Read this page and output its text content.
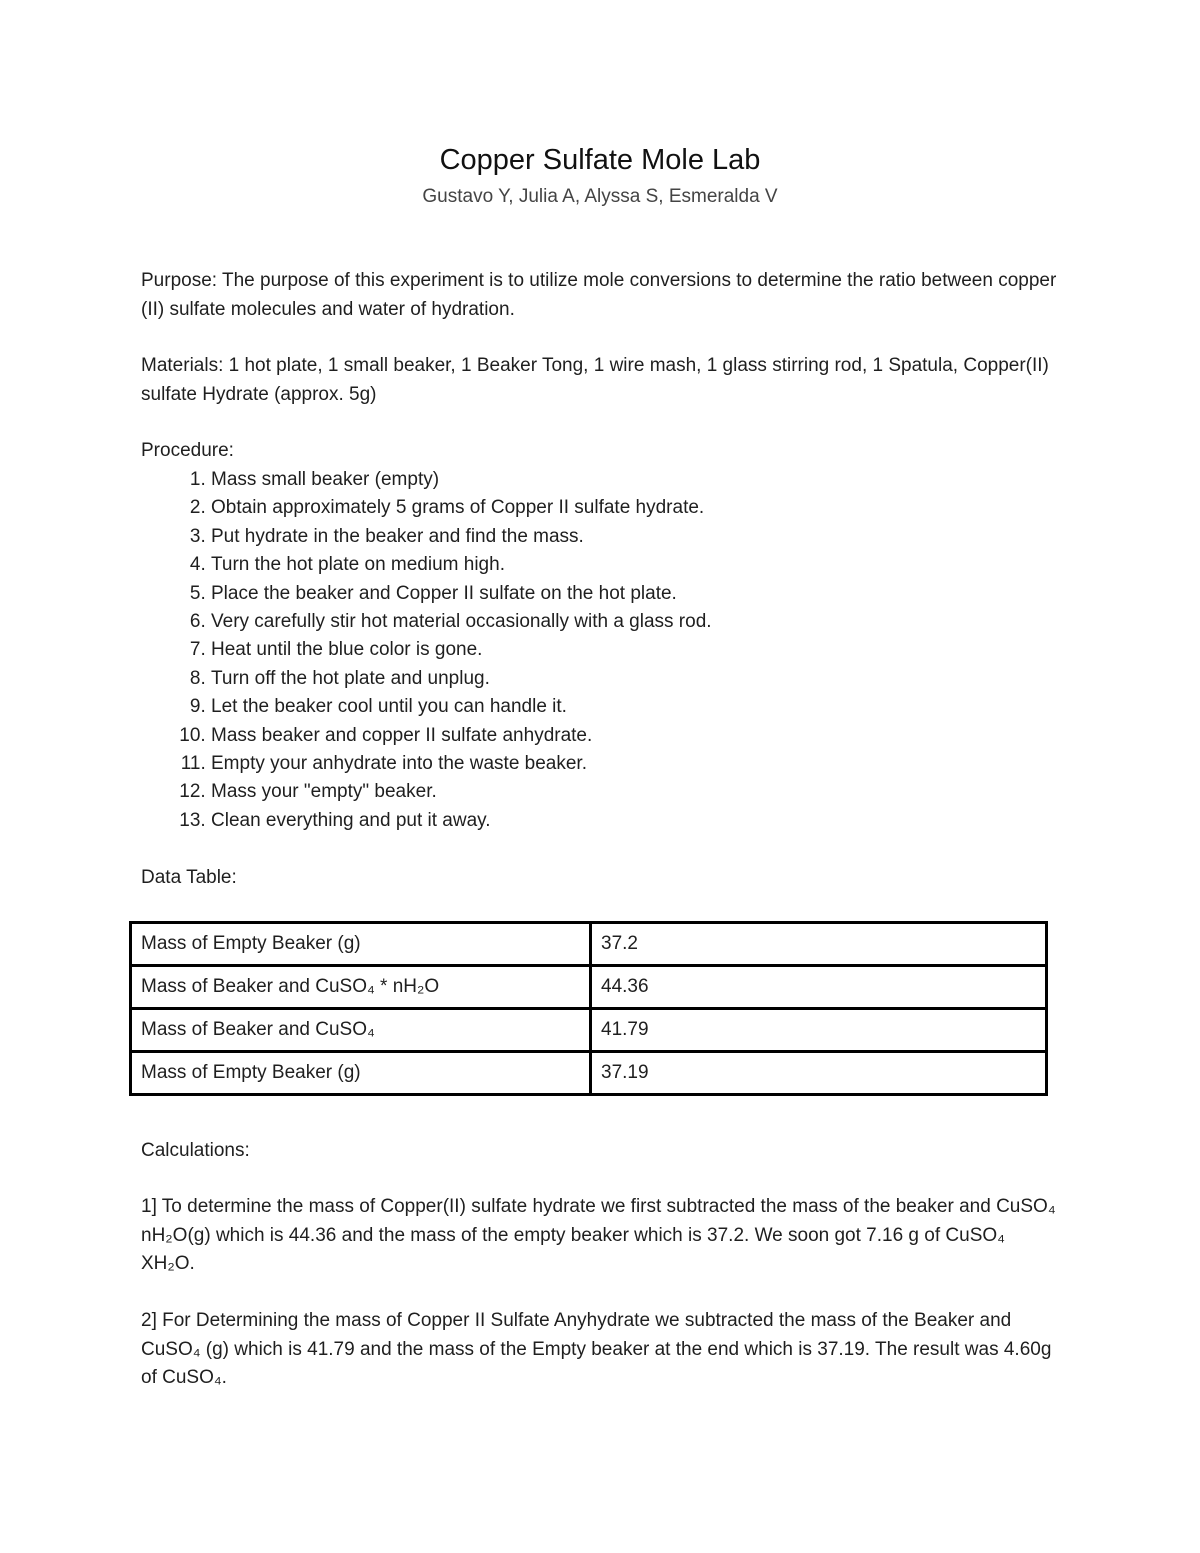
Copper Sulfate Mole Lab
Gustavo Y, Julia A, Alyssa S, Esmeralda V
Purpose: The purpose of this experiment is to utilize mole conversions to determine the ratio between copper (II) sulfate molecules and water of hydration.
Materials: 1 hot plate, 1 small beaker, 1 Beaker Tong, 1 wire mash, 1 glass stirring rod, 1 Spatula, Copper(II) sulfate Hydrate (approx. 5g)
Procedure:
1. Mass small beaker (empty)
2. Obtain approximately 5 grams of Copper II sulfate hydrate.
3. Put hydrate in the beaker and find the mass.
4. Turn the hot plate on medium high.
5. Place the beaker and Copper II sulfate on the hot plate.
6. Very carefully stir hot material occasionally with a glass rod.
7. Heat until the blue color is gone.
8. Turn off the hot plate and unplug.
9. Let the beaker cool until you can handle it.
10. Mass beaker and copper II sulfate anhydrate.
11. Empty your anhydrate into the waste beaker.
12. Mass your "empty" beaker.
13. Clean everything and put it away.
Data Table:
Mass of Empty Beaker (g)	37.2
Mass of Beaker and CuSO₄ * nH₂O	44.36
Mass of Beaker and CuSO₄	41.79
Mass of Empty Beaker (g)	37.19
Calculations:
1] To determine the mass of Copper(II) sulfate hydrate we first subtracted the mass of the beaker and CuSO₄ nH₂O(g) which is 44.36 and the mass of the empty beaker which is 37.2. We soon got 7.16 g of CuSO₄ XH₂O.
2] For Determining the mass of Copper II Sulfate Anyhydrate we subtracted the mass of the Beaker and CuSO₄ (g) which is 41.79 and the mass of the Empty beaker at the end which is 37.19. The result was 4.60g of CuSO₄.
